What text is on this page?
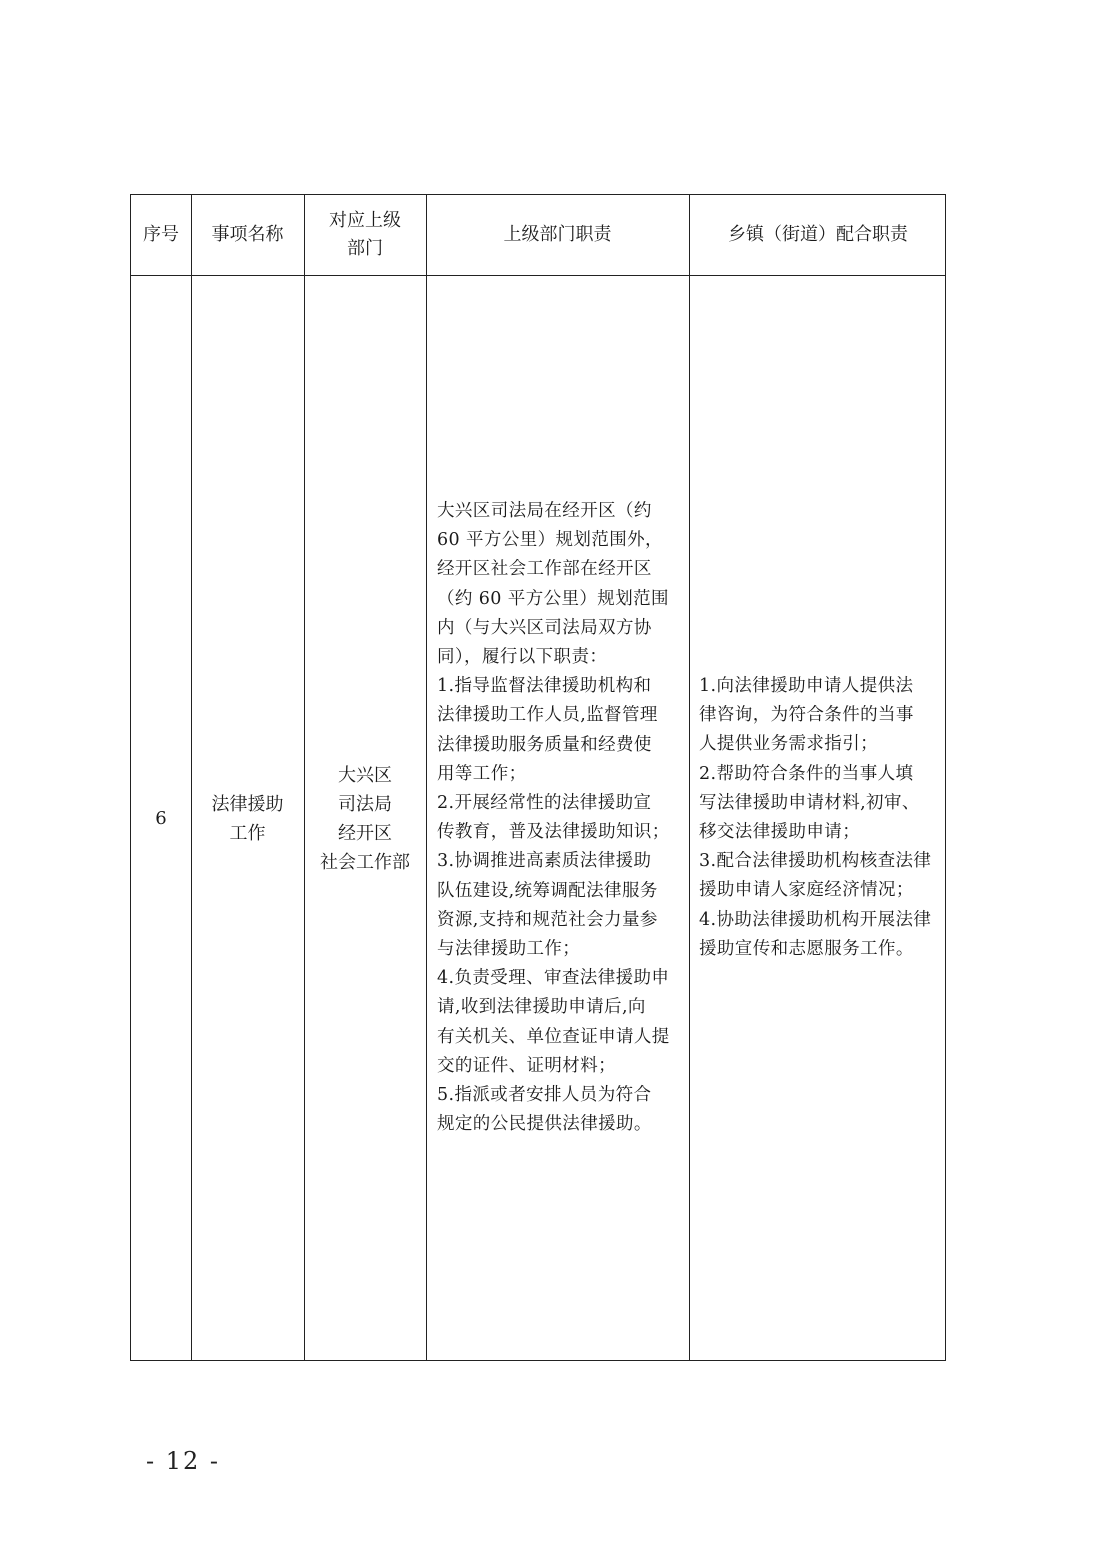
序号 事项名称
对应上级
部门
上级部门职责	乡镇（街道）配合职责
6
法律援助
工作
大兴区
司法局
经开区
社会工作部
大兴区司法局在经开区（约
60 平方公里）规划范围外，
经开区社会工作部在经开区
（约 60 平方公里）规划范围
内（与大兴区司法局双方协
同），履行以下职责：
1.指导监督法律援助机构和
法律援助工作人员,监督管理
法律援助服务质量和经费使
用等工作；
2.开展经常性的法律援助宣
传教育，普及法律援助知识；
3.协调推进高素质法律援助
队伍建设,统筹调配法律服务
资源,支持和规范社会力量参
与法律援助工作；
4.负责受理、审查法律援助申
请,收到法律援助申请后,向
有关机关、单位查证申请人提
交的证件、证明材料；
5.指派或者安排人员为符合
规定的公民提供法律援助。
1.向法律援助申请人提供法
律咨询，为符合条件的当事
人提供业务需求指引；
2.帮助符合条件的当事人填
写法律援助申请材料,初审、
移交法律援助申请；
3.配合法律援助机构核查法律
援助申请人家庭经济情况；
4.协助法律援助机构开展法律
援助宣传和志愿服务工作。
- 12 -
